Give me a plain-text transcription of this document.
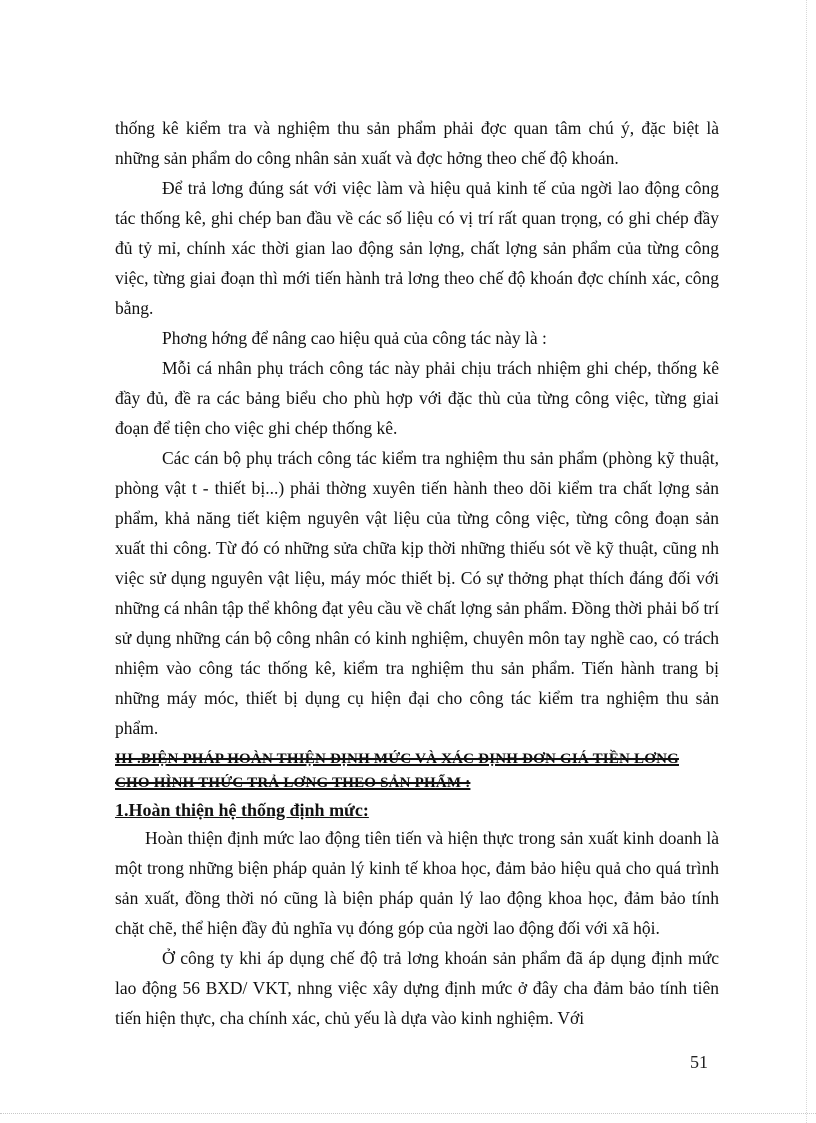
thống kê kiểm tra và nghiệm thu sản phẩm phải đợc quan tâm chú ý, đặc biệt là những sản phẩm do công nhân sản xuất và đợc hởng theo chế độ khoán.

Để trả lơng đúng sát với việc làm và hiệu quả kinh tế của ngời lao động công tác thống kê, ghi chép ban đầu về các số liệu có vị trí rất quan trọng, có ghi chép đầy đủ tỷ mỉ, chính xác thời gian lao động sản lợng, chất lợng sản phẩm của từng công việc, từng giai đoạn thì mới tiến hành trả lơng theo chế độ khoán đợc chính xác, công bằng.

Phơng hớng để nâng cao hiệu quả của công tác này là :

Mỗi cá nhân phụ trách công tác này phải chịu trách nhiệm ghi chép, thống kê đầy đủ, đề ra các bảng biểu cho phù hợp với đặc thù của từng công việc, từng giai đoạn để tiện cho việc ghi chép thống kê.

Các cán bộ phụ trách công tác kiểm tra nghiệm thu sản phẩm (phòng kỹ thuật, phòng vật t - thiết bị...) phải thờng xuyên tiến hành theo dõi kiểm tra chất lợng sản phẩm, khả năng tiết kiệm nguyên vật liệu của từng công việc, từng công đoạn sản xuất thi công. Từ đó có những sửa chữa kịp thời những thiếu sót về kỹ thuật, cũng nh việc sử dụng nguyên vật liệu, máy móc thiết bị. Có sự thởng phạt thích đáng đối với những cá nhân tập thể không đạt yêu cầu về chất lợng sản phẩm. Đồng thời phải bố trí sử dụng những cán bộ công nhân có kinh nghiệm, chuyên môn tay nghề cao, có trách nhiệm vào công tác thống kê, kiểm tra nghiệm thu sản phẩm. Tiến hành trang bị những máy móc, thiết bị dụng cụ hiện đại cho công tác kiểm tra nghiệm thu sản phẩm.

III .BIỆN PHÁP HOÀN THIỆN ĐỊNH MỨC VÀ XÁC ĐỊNH ĐƠN GIÁ TIỀN LƠNG

CHO HÌNH THỨC TRẢ LƠNG THEO SẢN PHẨM :

1.Hoàn thiện hệ thống định mức:

Hoàn thiện định mức lao động tiên tiến và hiện thực trong sản xuất kinh doanh là một trong những biện pháp quản lý kinh tế khoa học, đảm bảo hiệu quả cho quá trình sản xuất, đồng thời nó cũng là biện pháp quản lý lao động khoa học, đảm bảo tính chặt chẽ, thể hiện đầy đủ nghĩa vụ đóng góp của ngời lao động đối với xã hội.

Ở công ty khi áp dụng chế độ trả lơng khoán sản phẩm đã áp dụng định mức lao động 56 BXD/ VKT, nhng việc xây dựng định mức ở đây cha đảm bảo tính tiên tiến hiện thực, cha chính xác, chủ yếu là dựa vào kinh nghiệm. Với

51
